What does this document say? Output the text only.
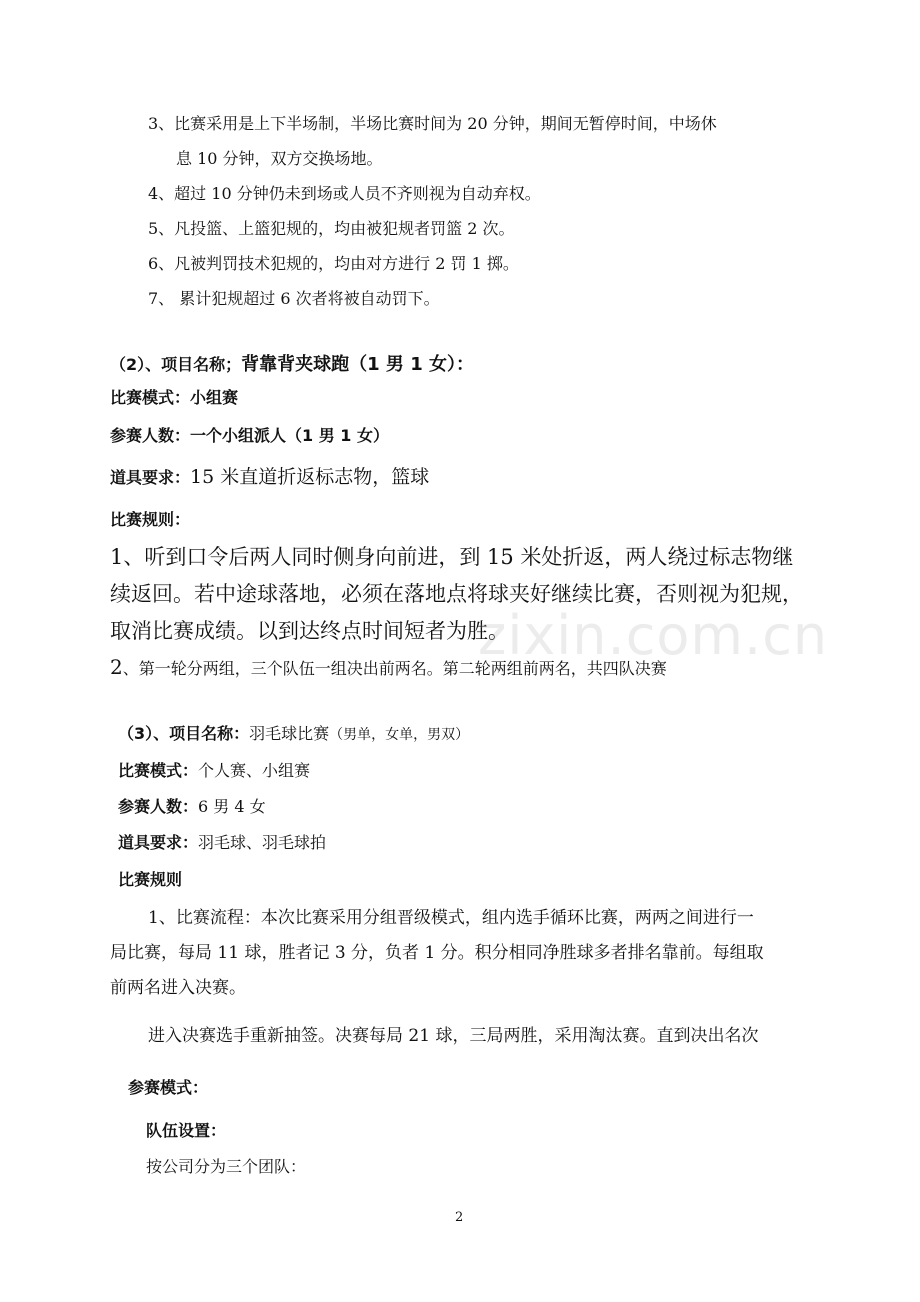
3、比赛采用是上下半场制，半场比赛时间为 20 分钟，期间无暂停时间，中场休
息 10 分钟，双方交换场地。
4、超过 10 分钟仍未到场或人员不齐则视为自动弃权。
5、凡投篮、上篮犯规的，均由被犯规者罚篮 2 次。
6、凡被判罚技术犯规的，均由对方进行 2 罚 1 掷。
7、 累计犯规超过 6 次者将被自动罚下。
（2）、项目名称；背靠背夹球跑（1 男 1 女）：
比赛模式：小组赛
参赛人数：一个小组派人（1 男 1 女）
道具要求：15 米直道折返标志物，篮球
比赛规则：
1、听到口令后两人同时侧身向前进，到 15 米处折返，两人绕过标志物继
续返回。若中途球落地，必须在落地点将球夹好继续比赛，否则视为犯规，
取消比赛成绩。以到达终点时间短者为胜。
2、第一轮分两组，三个队伍一组决出前两名。第二轮两组前两名，共四队决赛
（3）、项目名称：羽毛球比赛（男单，女单，男双）
比赛模式：个人赛、小组赛
参赛人数：6 男 4 女
道具要求：羽毛球、羽毛球拍
比赛规则
1、比赛流程：本次比赛采用分组晋级模式，组内选手循环比赛，两两之间进行一
局比赛，每局 11 球，胜者记 3 分，负者 1 分。积分相同净胜球多者排名靠前。每组取
前两名进入决赛。
进入决赛选手重新抽签。决赛每局 21 球，三局两胜，采用淘汰赛。直到决出名次
参赛模式：
队伍设置：
按公司分为三个团队：
zixin.com.cn
2
